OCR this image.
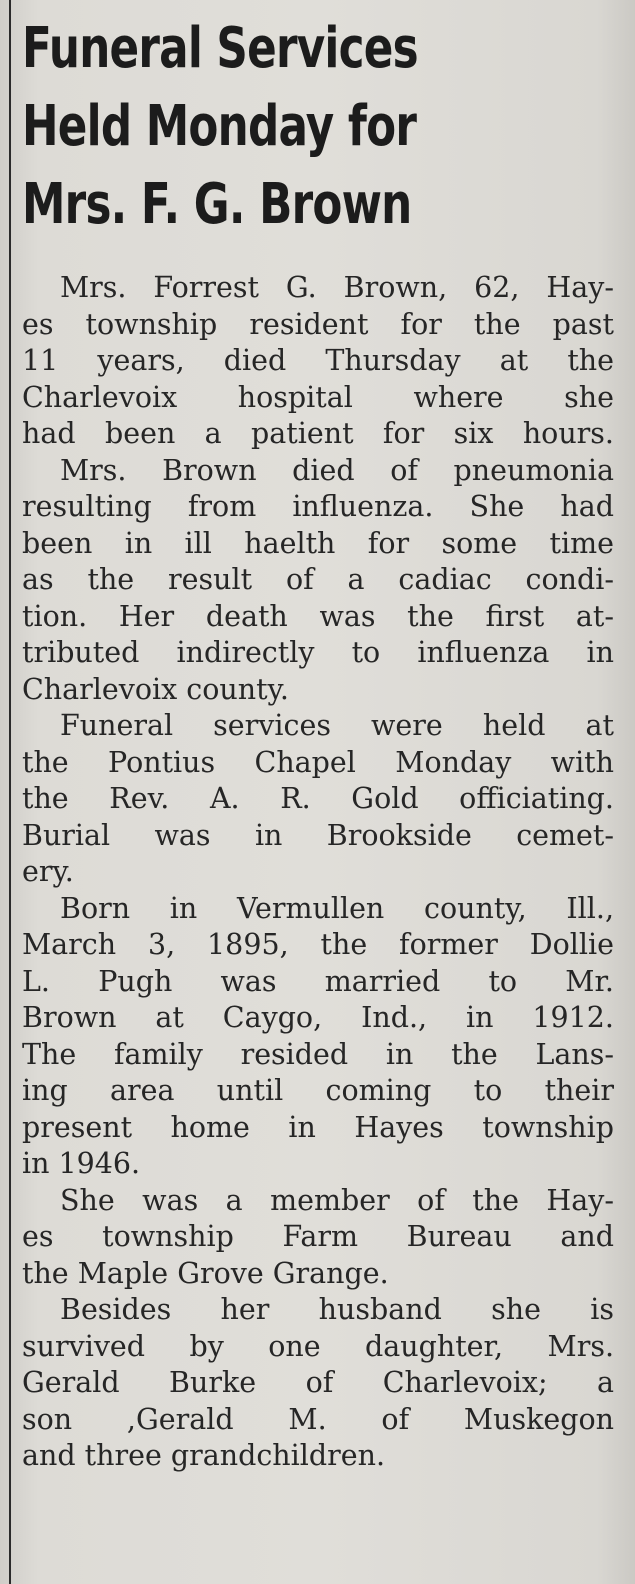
Funeral Services
Held Monday for
Mrs. F. G. Brown
Mrs. Forrest G. Brown, 62, Hay-
es township resident for the past
11 years, died Thursday at the
Charlevoix hospital where she
had been a patient for six hours.
Mrs. Brown died of pneumonia
resulting from influenza. She had
been in ill haelth for some time
as the result of a cadiac condi-
tion. Her death was the first at-
tributed indirectly to influenza in
Charlevoix county.
Funeral services were held at
the Pontius Chapel Monday with
the Rev. A. R. Gold officiating.
Burial was in Brookside cemet-
ery.
Born in Vermullen county, Ill.,
March 3, 1895, the former Dollie
L. Pugh was married to Mr.
Brown at Caygo, Ind., in 1912.
The family resided in the Lans-
ing area until coming to their
present home in Hayes township
in 1946.
She was a member of the Hay-
es township Farm Bureau and
the Maple Grove Grange.
Besides her husband she is
survived by one daughter, Mrs.
Gerald Burke of Charlevoix; a
son ,Gerald M. of Muskegon
and three grandchildren.
